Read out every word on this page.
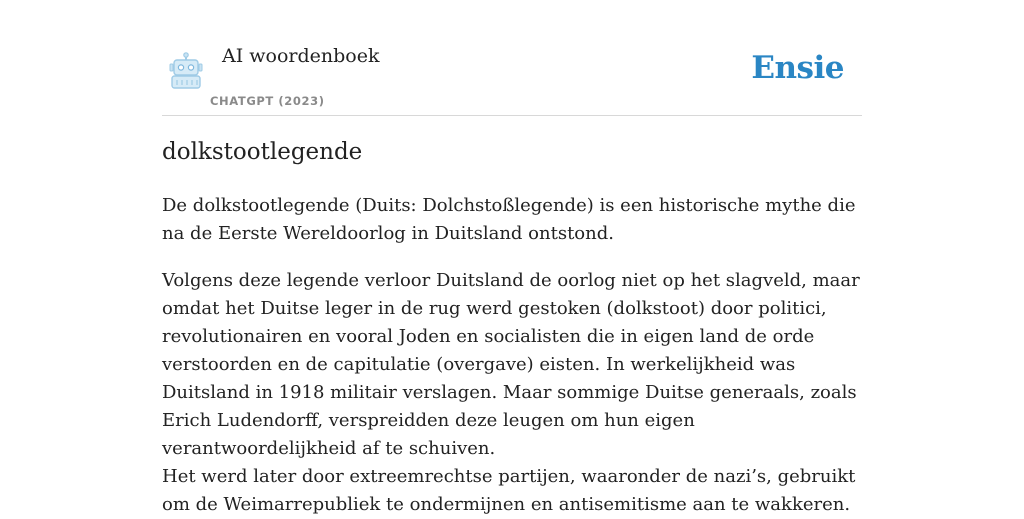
AI woordenboek
CHATGPT (2023)
Ensie
dolkstootlegende

De dolkstootlegende (Duits: Dolchstoßlegende) is een historische mythe die na de Eerste Wereldoorlog in Duitsland ontstond.

Volgens deze legende verloor Duitsland de oorlog niet op het slagveld, maar omdat het Duitse leger in de rug werd gestoken (dolkstoot) door politici, revolutionairen en vooral Joden en socialisten die in eigen land de orde verstoorden en de capitulatie (overgave) eisten. In werkelijkheid was Duitsland in 1918 militair verslagen. Maar sommige Duitse generaals, zoals Erich Ludendorff, verspreidden deze leugen om hun eigen verantwoordelijkheid af te schuiven.

Het werd later door extreemrechtse partijen, waaronder de nazi’s, gebruikt om de Weimarrepubliek te ondermijnen en antisemitisme aan te wakkeren.
